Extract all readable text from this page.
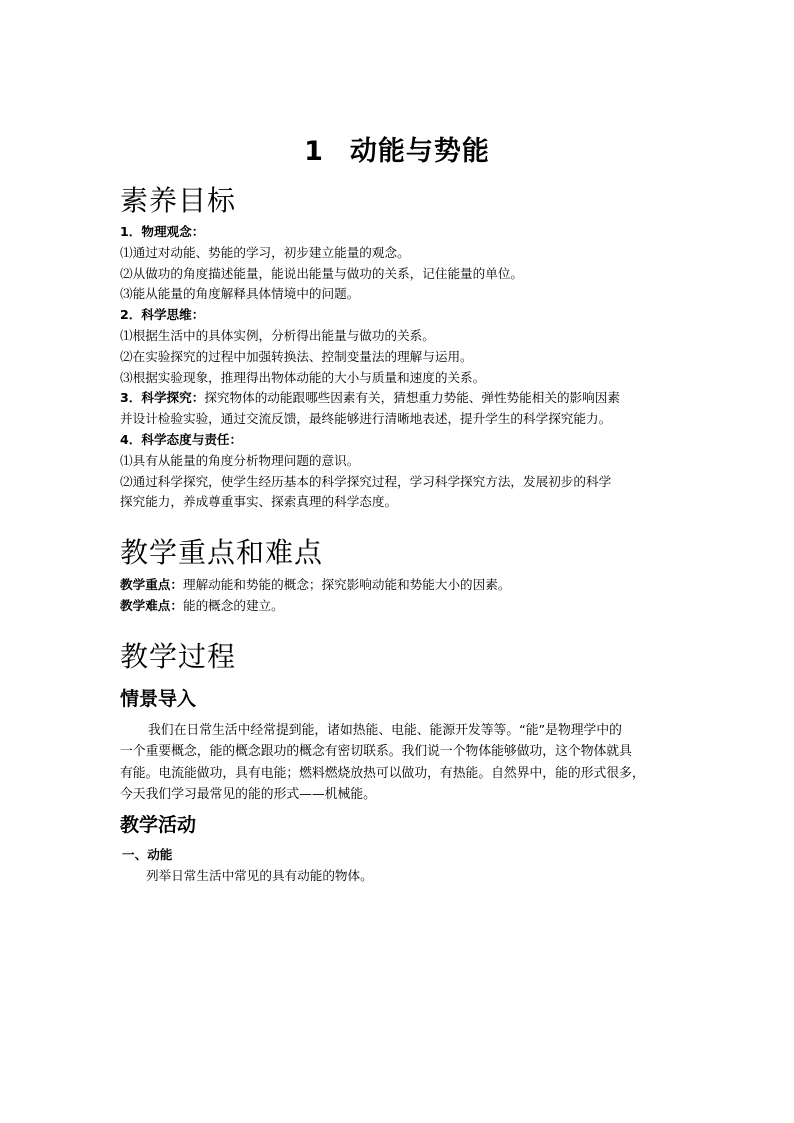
1 动能与势能
素养目标
1．物理观念：
⑴通过对动能、势能的学习，初步建立能量的观念。
⑵从做功的角度描述能量，能说出能量与做功的关系，记住能量的单位。
⑶能从能量的角度解释具体情境中的问题。
2．科学思维：
⑴根据生活中的具体实例，分析得出能量与做功的关系。
⑵在实验探究的过程中加强转换法、控制变量法的理解与运用。
⑶根据实验现象，推理得出物体动能的大小与质量和速度的关系。
3．科学探究：探究物体的动能跟哪些因素有关，猜想重力势能、弹性势能相关的影响因素
并设计检验实验，通过交流反馈，最终能够进行清晰地表述，提升学生的科学探究能力。
4．科学态度与责任：
⑴具有从能量的角度分析物理问题的意识。
⑵通过科学探究，使学生经历基本的科学探究过程，学习科学探究方法，发展初步的科学
探究能力，养成尊重事实、探索真理的科学态度。
教学重点和难点
教学重点：理解动能和势能的概念；探究影响动能和势能大小的因素。
教学难点：能的概念的建立。
教学过程
情景导入
我们在日常生活中经常提到能，诸如热能、电能、能源开发等等。“能”是物理学中的
一个重要概念，能的概念跟功的概念有密切联系。我们说一个物体能够做功，这个物体就具
有能。电流能做功，具有电能；燃料燃烧放热可以做功，有热能。自然界中，能的形式很多，
今天我们学习最常见的能的形式——机械能。
教学活动
一、动能
列举日常生活中常见的具有动能的物体。
